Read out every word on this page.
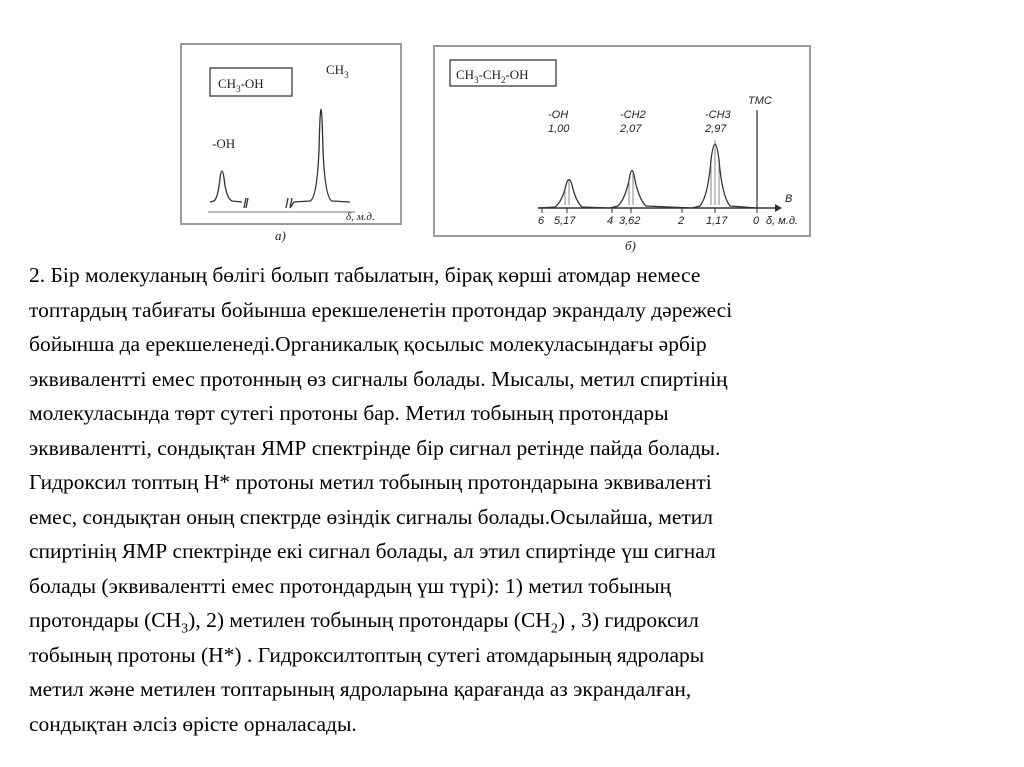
$CH_3-OH$
$CH_3$
-OH
δ, м.д.
а)
$CH_3-CH_2-OH$
-OH
1,00
-CH2
2,07
-CH3
2,97
TMC
B
6 5,17	4 3,62	2 1,17 0 δ, м.д.
б)
2. Бір молекуланың бөлігі болып табылатын, бірақ көрші атомдар немесе
топтардың табиғаты бойынша ерекшеленетін протондар экрандалу дәрежесі
бойынша да ерекшеленеді.Органикалық қосылыс молекуласындағы әрбір
эквивалентті емес протонның өз сигналы болады. Мысалы, метил спиртінің
молекуласында төрт сутегі протоны бар. Метил тобының протондары
эквивалентті, сондықтан ЯМР спектрінде бір сигнал ретінде пайда болады.
Гидроксил топтың Н* протоны метил тобының протондарына эквиваленті
емес, сондықтан оның спектрде өзіндік сигналы болады.Осылайша, метил
спиртінің ЯМР спектрінде екі сигнал болады, ал этил спиртінде үш сигнал
болады (эквивалентті емес протондардың үш түрі): 1) метил тобының
протондары $(СН_3)$, 2) метилен тобының протондары $(СН_2)$ , 3) гидроксил
тобының протоны (Н*) . Гидроксилтоптың сутегі атомдарының ядролары
метил және метилен топтарының ядроларына қарағанда аз экрандалған,
сондықтан әлсіз өрісте орналасады.
